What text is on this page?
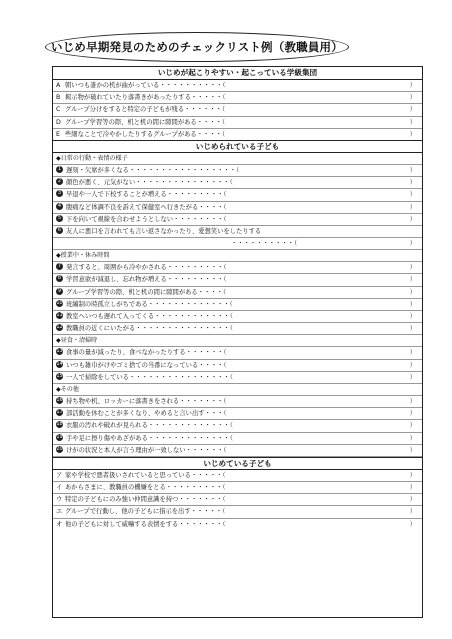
いじめ早期発見のためのチェックリスト例（教職員用）
いじめが起こりやすい・起こっている学級集団
A 朝いつも誰かの机が曲がっている・・・・・・・・・・（	）
B 掲示物が破れていたり落書きがあったりする・・・・・（	）
C グループ分けをすると特定の子どもが残る・・・・・・（	）
D グループ学習等の際、机と机の間に隙間がある・・・・（	）
E 些細なことで冷やかしたりするグループがある・・・・（	）
いじめられている子ども
◆日常の行動・表情の様子
1 遅刻・欠席が多くなる・・・・・・・・・・・・・・・・・（	）
2 顔色が悪く、元気がない・・・・・・・・・・・・・・・（	）
3 早退や一人で下校することが増える・・・・・・・・・（	）
4 腹痛など体調不良を訴えて保健室へ行きたがる・・・・（	）
5 下を向いて視線を合わせようとしない・・・・・・・・（	）
6 友人に悪口を言われても言い返さなかったり、愛想笑いをしたりする
・・・・・・・・・・（	）
◆授業中・休み時間
7 発言すると、周囲から冷やかされる・・・・・・・・・（	）
8 学習意欲が減退し、忘れ物が増える・・・・・・・・・（	）
9 グループ学習等の際、机と机の間に隙間がある・・・・（	）
10 班編制の時孤立しがちである・・・・・・・・・・・・・（	）
11 教室へいつも遅れて入ってくる・・・・・・・・・・・・（	）
12 教職員の近くにいたがる・・・・・・・・・・・・・・・（	）
◆昼食・清掃時
13 食事の量が減ったり、食べなかったりする・・・・・・（	）
14 いつも雑巾がけやゴミ捨ての当番になっている・・・・（	）
15 一人で掃除をしている・・・・・・・・・・・・・・・・（	）
◆その他
16 持ち物や机、ロッカーに落書きをされる・・・・・・・（	）
17 部活動を休むことが多くなり、やめると言い出す・・・（	）
18 衣服の汚れや破れが見られる・・・・・・・・・・・・・（	）
19 手や足に擦り傷やあざがある・・・・・・・・・・・・・（	）
20 けがの状況と本人が言う理由が一致しない・・・・・・（	）
いじめている子ども
ア 家や学校で悪者扱いされていると思っている・・・・・（	）
イ あからさまに、教職員の機嫌をとる・・・・・・・・・（	）
ウ 特定の子どもにのみ強い仲間意識を持つ・・・・・・・（	）
エ グループで行動し、他の子どもに指示を出す・・・・・（	）
オ 他の子どもに対して威嚇する表情をする・・・・・・・（	）
